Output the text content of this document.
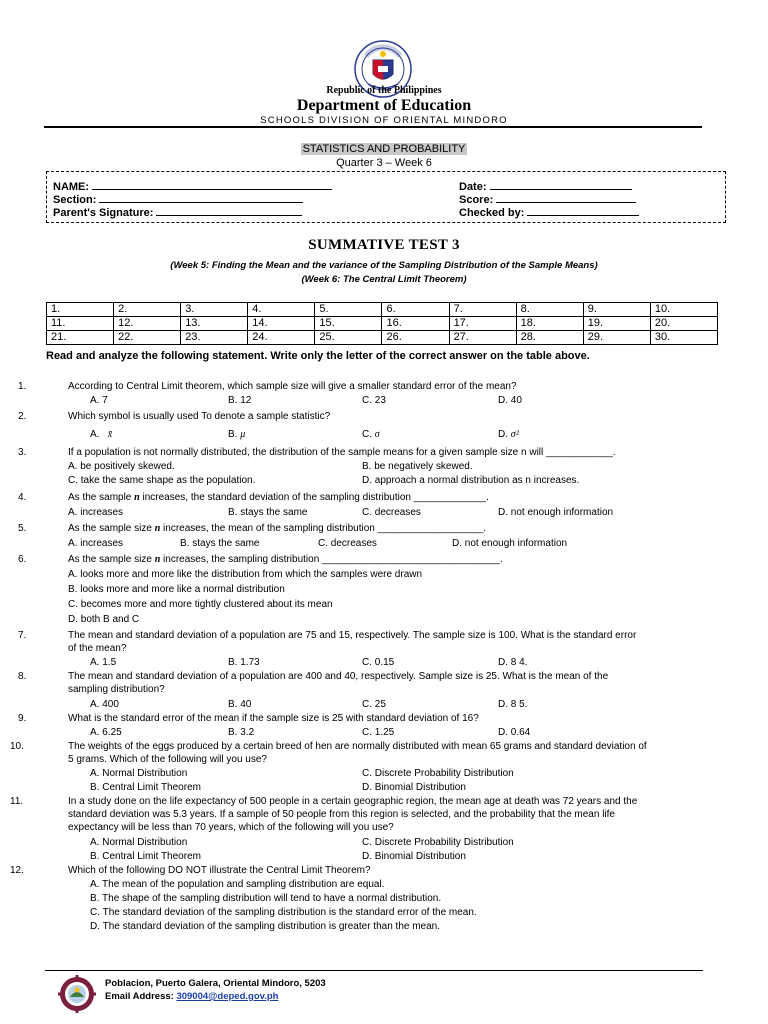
Republic of the Philippines
Department of Education
SCHOOLS DIVISION OF ORIENTAL MINDORO
STATISTICS AND PROBABILITY
Quarter 3 – Week 6
NAME:
Section:
Parent's Signature:
Date:
Score:
Checked by:
SUMMATIVE TEST 3
(Week 5: Finding the Mean and the variance of the Sampling Distribution of the Sample Means)
(Week 6: The Central Limit Theorem)
1.	2.	3.	4.	5.	6.	7.	8.	9.	10.
11.	12.	13.	14.	15.	16.	17.	18.	19.	20.
21.	22.	23.	24.	25.	26.	27.	28.	29.	30.
Read and analyze the following statement. Write only the letter of the correct answer on the table above.
1.	According to Central Limit theorem, which sample size will give a smaller standard error of the mean?
A. 7	B. 12	C. 23	D. 40
2.	Which symbol is usually used To denote a sample statistic?
A. x̄	B. μ	C. σ	D. σ²
3.	If a population is not normally distributed, the distribution of the sample means for a given sample size n will ____________.
A. be positively skewed.	B. be negatively skewed.
C. take the same shape as the population.	D. approach a normal distribution as n increases.
4.	As the sample n increases, the standard deviation of the sampling distribution _____________.
A. increases	B. stays the same	C. decreases	D. not enough information
5.	As the sample size n increases, the mean of the sampling distribution ___________________.
A. increases	B. stays the same	C. decreases	D. not enough information
6.	As the sample size n increases, the sampling distribution ________________________________.
A. looks more and more like the distribution from which the samples were drawn
B. looks more and more like a normal distribution
C. becomes more and more tightly clustered about its mean
D. both B and C
7.	The mean and standard deviation of a population are 75 and 15, respectively. The sample size is 100. What is the standard error
of the mean?
A. 1.5	B. 1.73	C. 0.15	D. 8 4.
8.	The mean and standard deviation of a population are 400 and 40, respectively. Sample size is 25. What is the mean of the
sampling distribution?
A. 400	B. 40	C. 25	D. 8 5.
9.	What is the standard error of the mean if the sample size is 25 with standard deviation of 16?
A. 6.25	B. 3.2	C. 1.25	D. 0.64
10.	The weights of the eggs produced by a certain breed of hen are normally distributed with mean 65 grams and standard deviation of
5 grams. Which of the following will you use?
A. Normal Distribution	C. Discrete Probability Distribution
B. Central Limit Theorem	D. Binomial Distribution
11.	In a study done on the life expectancy of 500 people in a certain geographic region, the mean age at death was 72 years and the
standard deviation was 5.3 years. If a sample of 50 people from this region is selected, and the probability that the mean life
expectancy will be less than 70 years, which of the following will you use?
A. Normal Distribution	C. Discrete Probability Distribution
B. Central Limit Theorem	D. Binomial Distribution
12.	Which of the following DO NOT illustrate the Central Limit Theorem?
A. The mean of the population and sampling distribution are equal.
B. The shape of the sampling distribution will tend to have a normal distribution.
C. The standard deviation of the sampling distribution is the standard error of the mean.
D. The standard deviation of the sampling distribution is greater than the mean.
Poblacion, Puerto Galera, Oriental Mindoro, 5203
Email Address: 309004@deped.gov.ph
